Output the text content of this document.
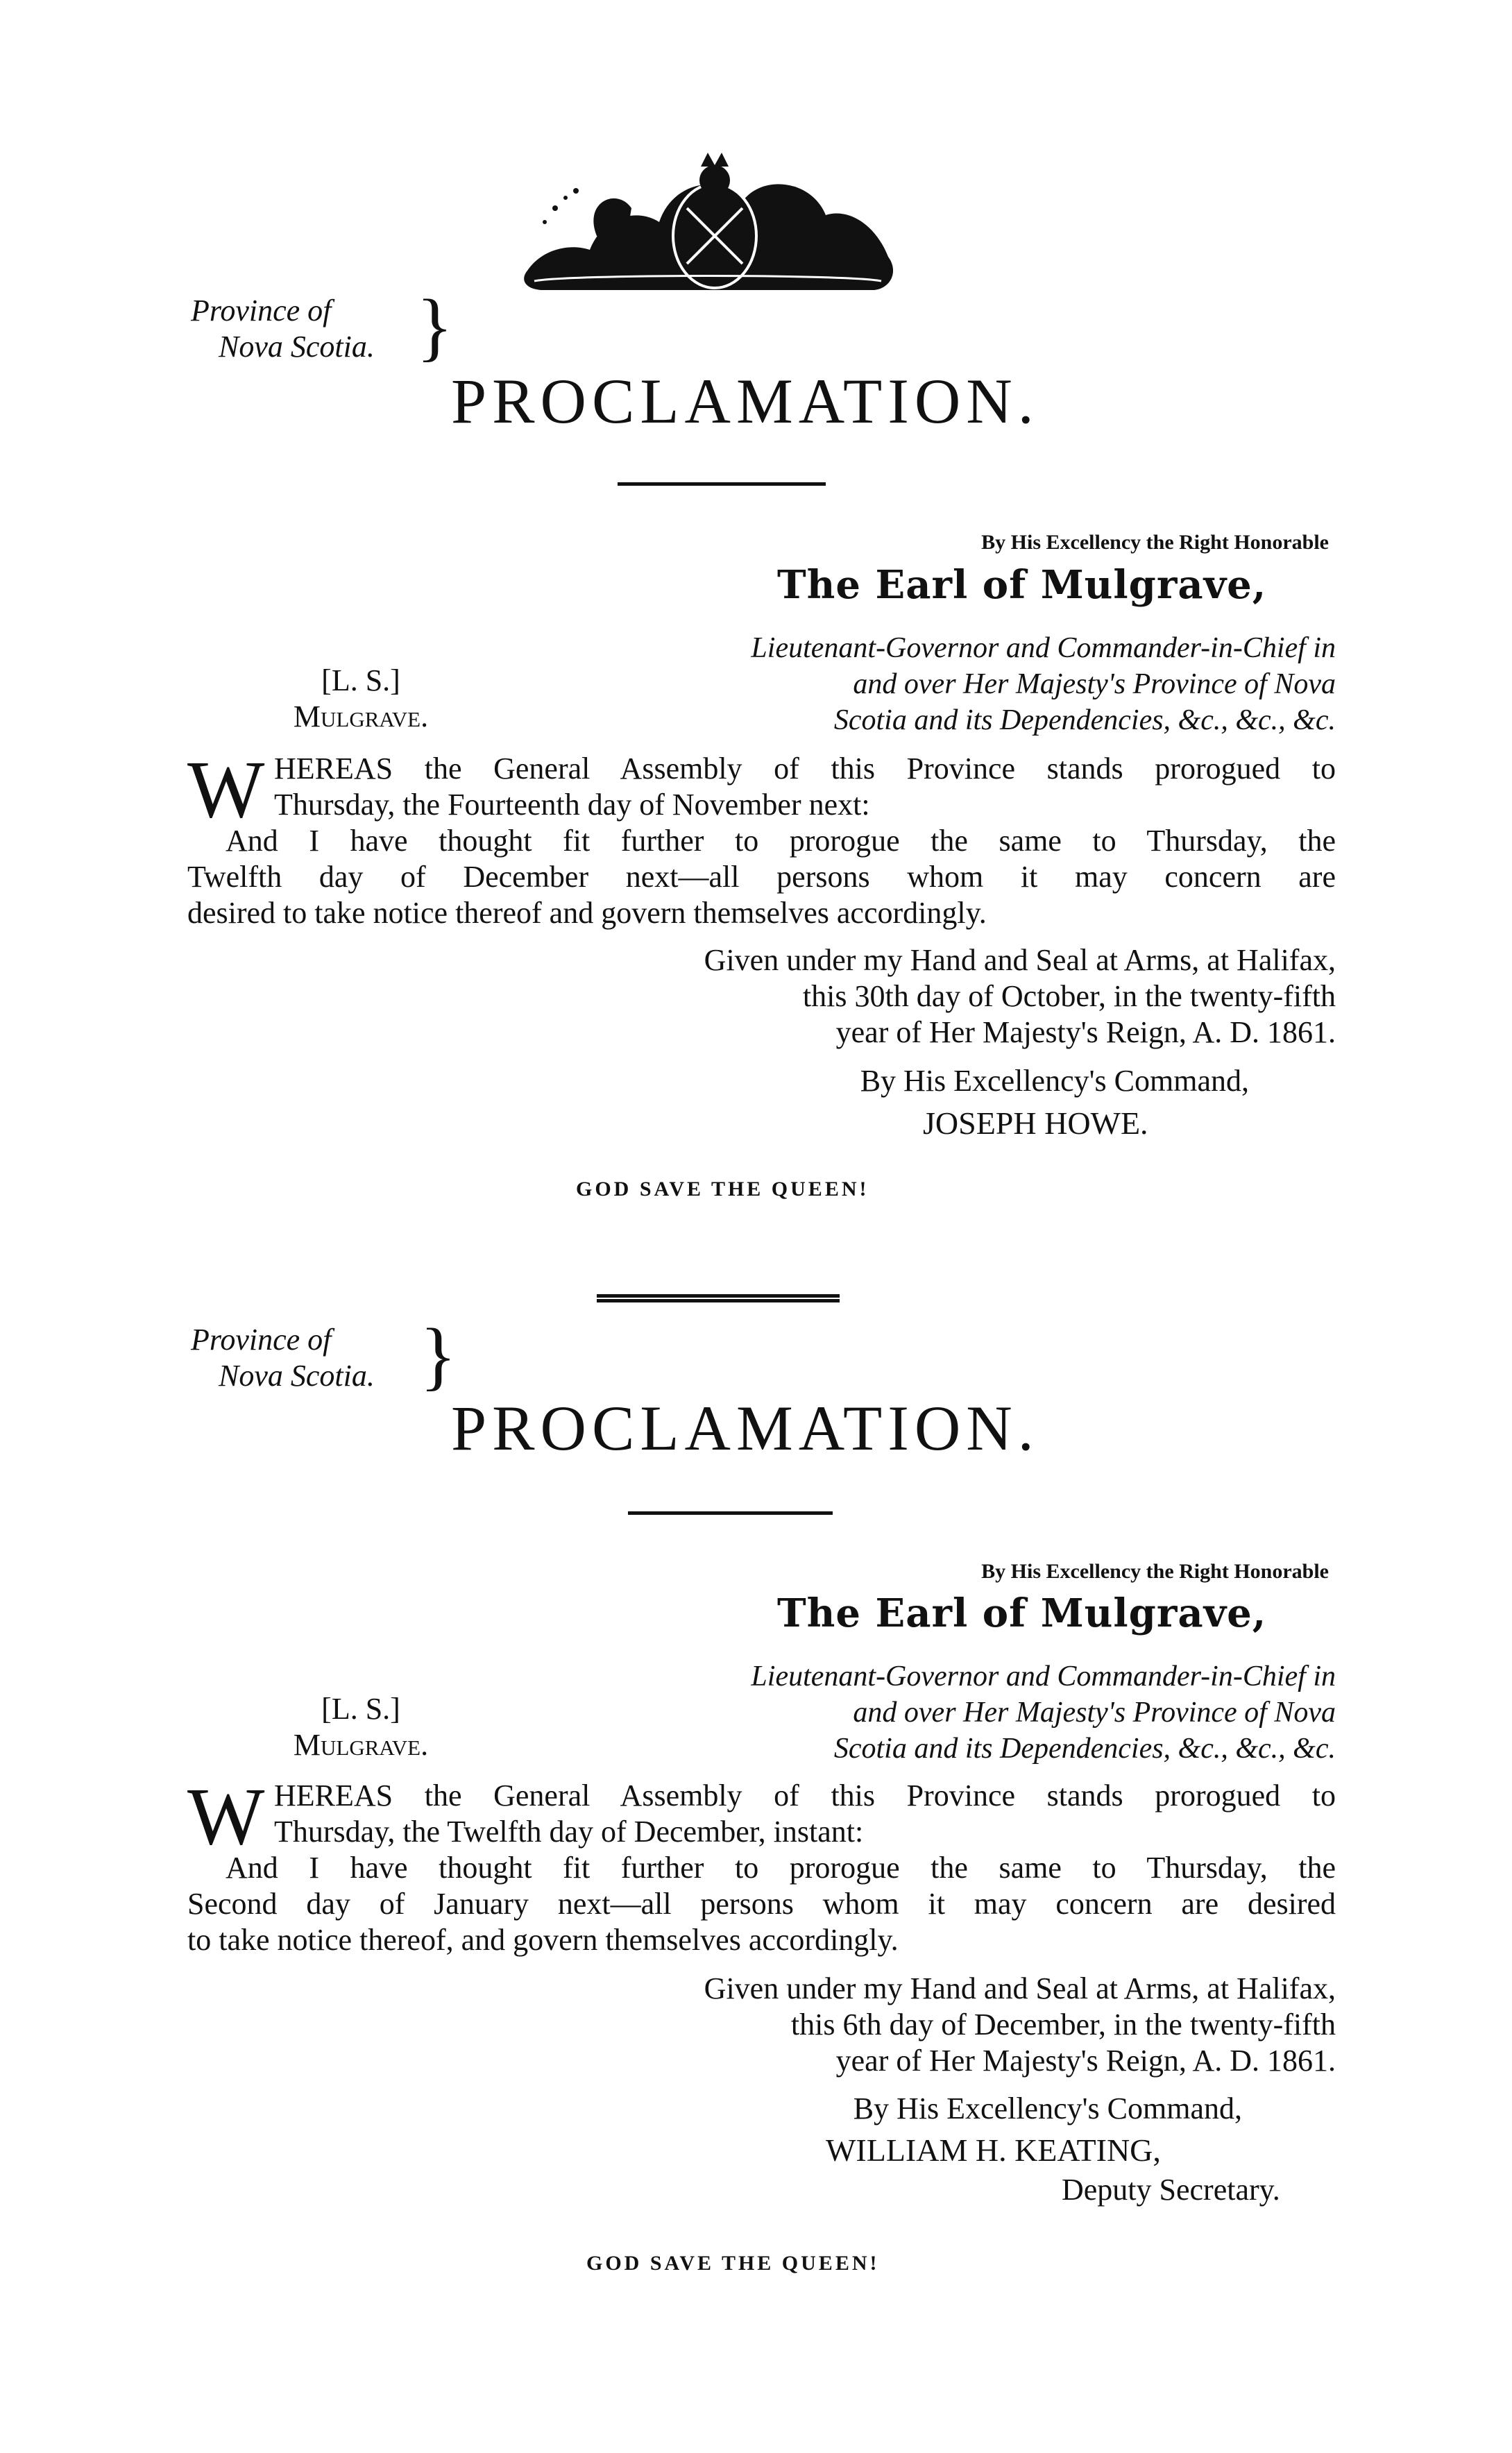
Province of
Nova Scotia. }
PROCLAMATION.
By His Excellency the Right Honorable
The Earl of Mulgrave,
Lieutenant-Governor and Commander-in-Chief in
and over Her Majesty's Province of Nova
Scotia and its Dependencies, &c., &c., &c.
[L. S.]
Mulgrave.
W HEREAS the General Assembly of this Province stands prorogued to
Thursday, the Fourteenth day of November next:
And I have thought fit further to prorogue the same to Thursday, the
Twelfth day of December next—all persons whom it may concern are
desired to take notice thereof and govern themselves accordingly.
Given under my Hand and Seal at Arms, at Halifax,
this 30th day of October, in the twenty-fifth
year of Her Majesty's Reign, A. D. 1861.
By His Excellency's Command,
JOSEPH HOWE.
GOD SAVE THE QUEEN!
Province of
Nova Scotia. }
PROCLAMATION.
By His Excellency the Right Honorable
The Earl of Mulgrave,
Lieutenant-Governor and Commander-in-Chief in
and over Her Majesty's Province of Nova
Scotia and its Dependencies, &c., &c., &c.
[L. S.]
Mulgrave.
W HEREAS the General Assembly of this Province stands prorogued to
Thursday, the Twelfth day of December, instant:
And I have thought fit further to prorogue the same to Thursday, the
Second day of January next—all persons whom it may concern are desired
to take notice thereof, and govern themselves accordingly.
Given under my Hand and Seal at Arms, at Halifax,
this 6th day of December, in the twenty-fifth
year of Her Majesty's Reign, A. D. 1861.
By His Excellency's Command,
WILLIAM H. KEATING,
Deputy Secretary.
GOD SAVE THE QUEEN!
